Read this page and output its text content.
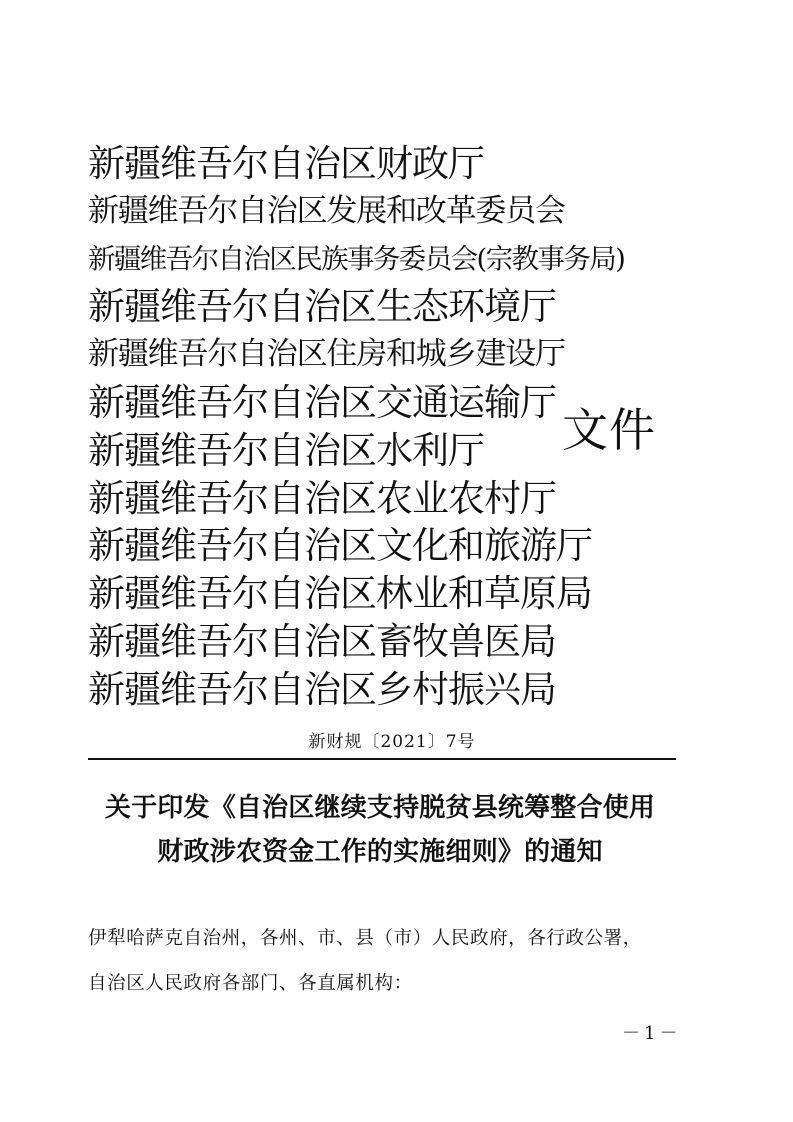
新疆维吾尔自治区财政厅
新疆维吾尔自治区发展和改革委员会
新疆维吾尔自治区民族事务委员会(宗教事务局)
新疆维吾尔自治区生态环境厅
新疆维吾尔自治区住房和城乡建设厅
新疆维吾尔自治区交通运输厅
新疆维吾尔自治区水利厅
新疆维吾尔自治区农业农村厅
新疆维吾尔自治区文化和旅游厅
新疆维吾尔自治区林业和草原局
新疆维吾尔自治区畜牧兽医局
新疆维吾尔自治区乡村振兴局
文件
新财规〔2021〕7号
关于印发《自治区继续支持脱贫县统筹整合使用
财政涉农资金工作的实施细则》的通知
伊犁哈萨克自治州，各州、市、县（市）人民政府，各行政公署，
自治区人民政府各部门、各直属机构：
－1－
